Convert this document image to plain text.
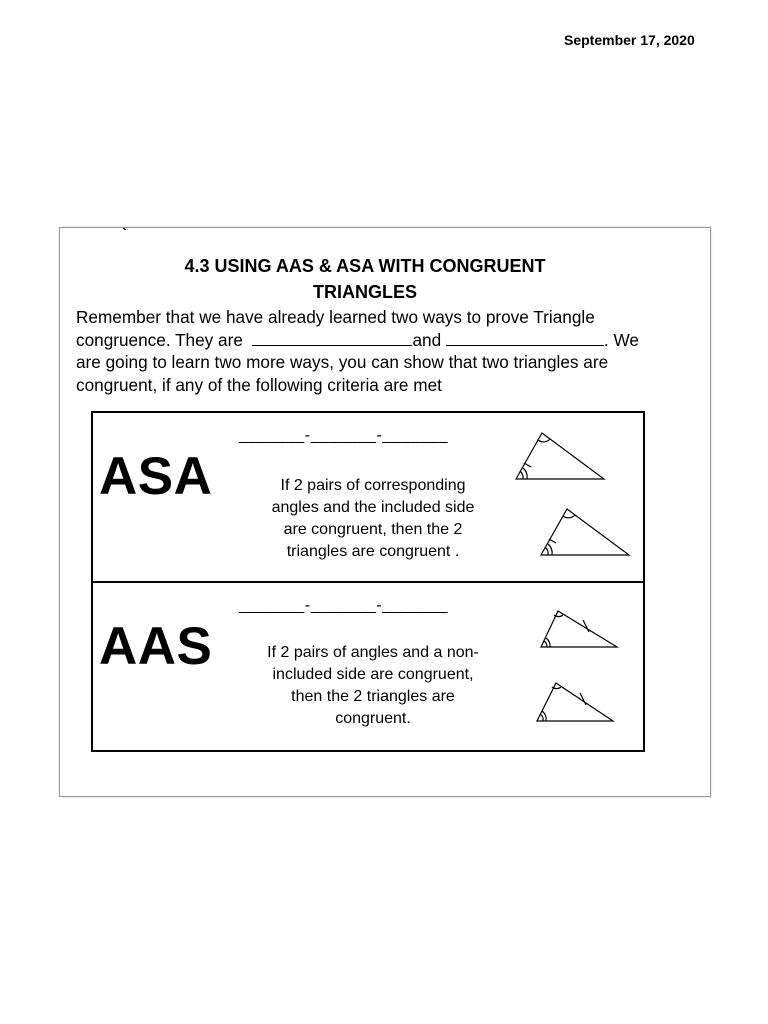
September 17, 2020
`
4.3 USING AAS & ASA WITH CONGRUENT
TRIANGLES
Remember that we have already learned two ways to prove Triangle
congruence. They are	and	. We
are going to learn two more ways, you can show that two triangles are
congruent, if any of the following criteria are met
ASA
_______-_______-_______
If 2 pairs of corresponding
angles and the included side
are congruent, then the 2
triangles are congruent .
AAS
_______-_______-_______
If 2 pairs of angles and a non-
included side are congruent,
then the 2 triangles are
congruent.
